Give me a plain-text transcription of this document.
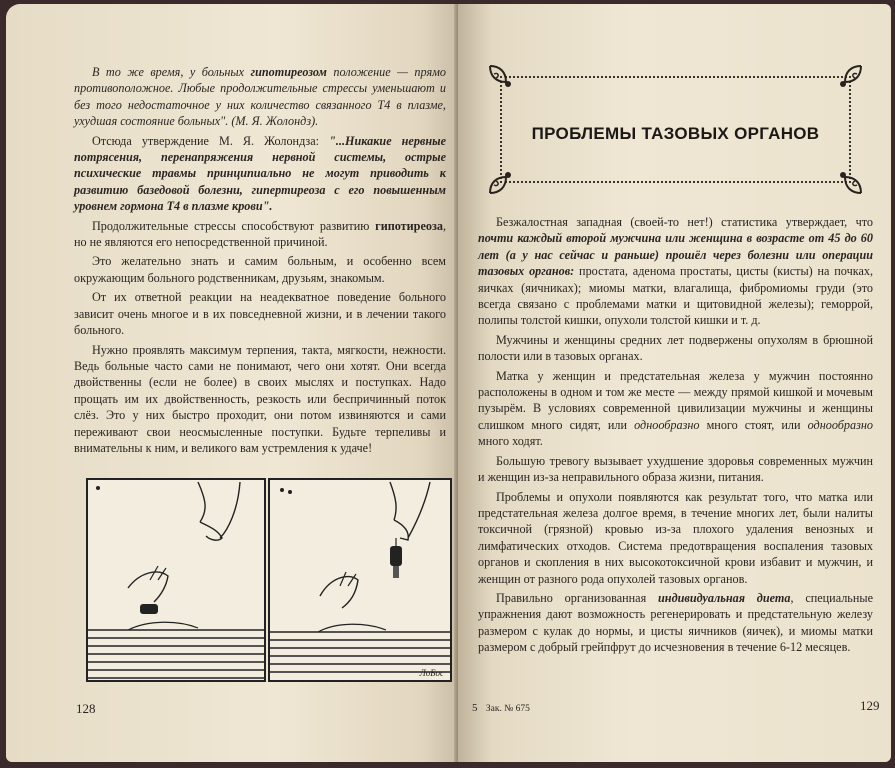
В то же время, у больных гипотиреозом положение — прямо противоположное. Любые продолжительные стрессы уменьшают и без того недостаточное у них количество связанного Т4 в плазме, ухудшая состояние больных". (М. Я. Жолондз).

Отсюда утверждение М. Я. Жолондза: "...Никакие нервные потрясения, перенапряжения нервной системы, острые психические травмы принципиально не могут приводить к развитию базедовой болезни, гипертиреоза с его повышенным уровнем гормона Т4 в плазме крови".

Продолжительные стрессы способствуют развитию гипотиреоза, но не являются его непосредственной причиной.

Это желательно знать и самим больным, и особенно всем окружающим больного родственникам, друзьям, знакомым.

От их ответной реакции на неадекватное поведение больного зависит очень многое и в их повседневной жизни, и в лечении такого больного.

Нужно проявлять максимум терпения, такта, мягкости, нежности. Ведь больные часто сами не понимают, чего они хотят. Они всегда двойственны (если не более) в своих мыслях и поступках. Надо прощать им их двойственность, резкость или беспричинный поток слёз. Это у них быстро проходит, они потом извиняются и сами переживают свои неосмысленные поступки. Будьте терпеливы и внимательны к ним, и великого вам устремления к удаче!

ЛоБос
128
ПРОБЛЕМЫ ТАЗОВЫХ ОРГАНОВ

Безжалостная западная (своей-то нет!) статистика утверждает, что почти каждый второй мужчина или женщина в возрасте от 45 до 60 лет (а у нас сейчас и раньше) прошёл через болезни или операции тазовых органов: простата, аденома простаты, цисты (кисты) на почках, яичках (яичниках); миомы матки, влагалища, фибромиомы груди (это всегда связано с проблемами матки и щитовидной железы); геморрой, полипы толстой кишки, опухоли толстой кишки и т. д.

Мужчины и женщины средних лет подвержены опухолям в брюшной полости или в тазовых органах.

Матка у женщин и предстательная железа у мужчин постоянно расположены в одном и том же месте — между прямой кишкой и мочевым пузырём. В условиях современной цивилизации мужчины и женщины слишком много сидят, или однообразно много стоят, или однообразно много ходят.

Большую тревогу вызывает ухудшение здоровья современных мужчин и женщин из-за неправильного образа жизни, питания.

Проблемы и опухоли появляются как результат того, что матка или предстательная железа долгое время, в течение многих лет, были налиты токсичной (грязной) кровью из-за плохого удаления венозных и лимфатических отходов. Система предотвращения воспаления тазовых органов и скопления в них высокотоксичной крови избавит и мужчин, и женщин от разного рода опухолей тазовых органов.

Правильно организованная индивидуальная диета, специальные упражнения дают возможность регенерировать и предстательную железу размером с кулак до нормы, и цисты яичников (яичек), и миомы матки размером с добрый грейпфрут до исчезновения в течение 6-12 месяцев.

5 Зак. № 675	129
